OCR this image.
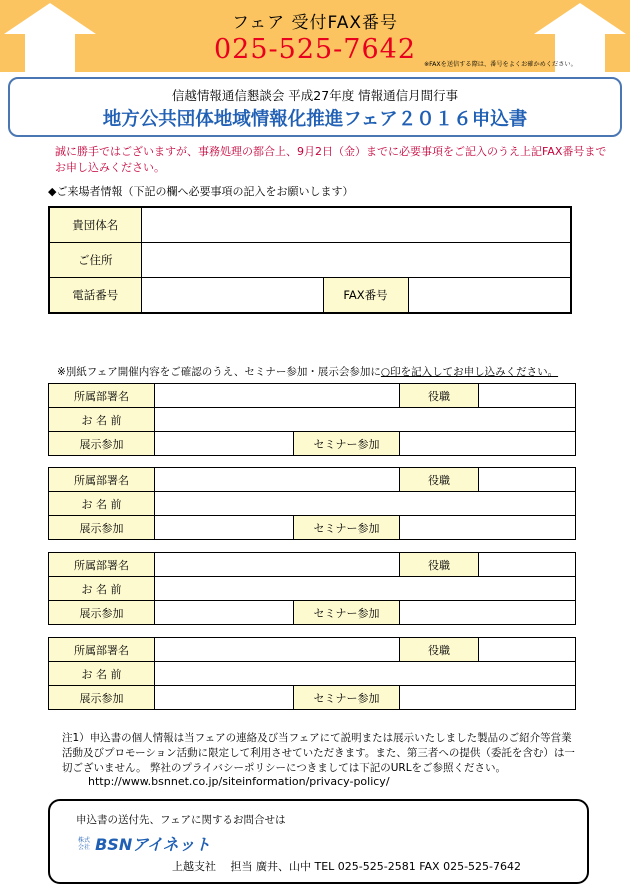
フェア 受付FAX番号
025-525-7642	※FAXを送信する際は、番号をよくお確かめください。
信越情報通信懇談会 平成27年度 情報通信月間行事
地方公共団体地域情報化推進フェア２０１６申込書
誠に勝手ではございますが、事務処理の都合上、9月2日（金）までに必要事項をご記入のうえ上記FAX番号までお申し込みください。
◆ご来場者情報（下記の欄へ必要事項の記入をお願いします）
貴団体名			
ご住所			
電話番号		FAX番号	
※別紙フェア開催内容をご確認のうえ、セミナー参加・展示会参加に○印を記入してお申し込みください。
所属部署名			役職	
お 名 前				
展示参加		セミナー参加		
所属部署名			役職	
お 名 前				
展示参加		セミナー参加		
所属部署名			役職	
お 名 前				
展示参加		セミナー参加		
所属部署名			役職	
お 名 前				
展示参加		セミナー参加		
注1）申込書の個人情報は当フェアの連絡及び当フェアにて説明または展示いたしました製品のご紹介等営業活動及びプロモーション活動に限定して利用させていただきます。また、第三者への提供（委託を含む）は一切ございません。 弊社のプライバシーポリシーにつきましては下記のURLをご参照ください。
http://www.bsnnet.co.jp/siteinformation/privacy-policy/
申込書の送付先、フェアに関するお問合せは
株式
会社 BSNアイネット
上越支社　 担当 廣井、山中 TEL 025-525-2581 FAX 025-525-7642
